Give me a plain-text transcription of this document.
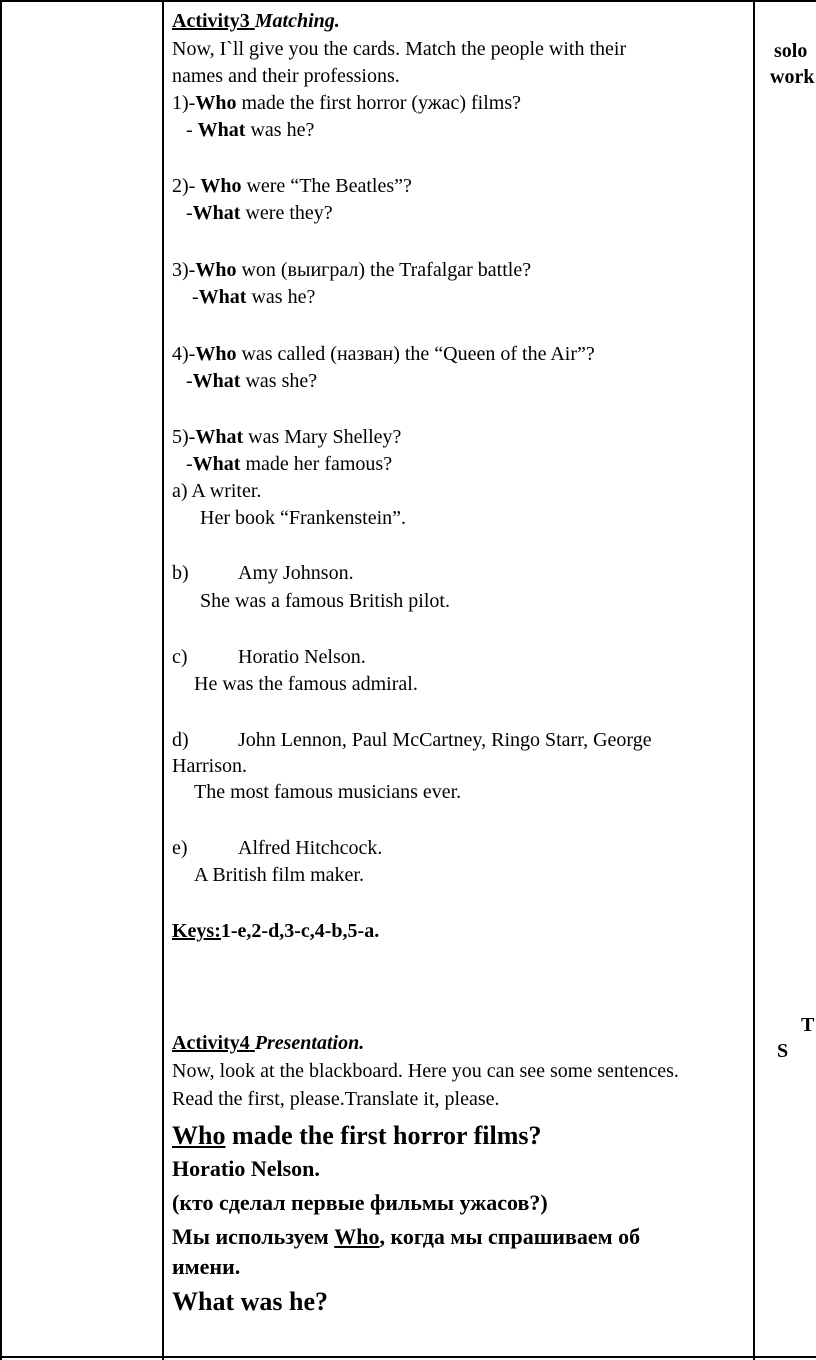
Activity3 Matching.
Now, I`ll give you the cards. Match the people with their
names and their professions.
1)-Who made the first horror (ужас) films?
- What was he?
2)- Who were “The Beatles”?
-What were they?
3)-Who won (выиграл) the Trafalgar battle?
-What was he?
4)-Who was called (назван) the “Queen of the Air”?
-What was she?
5)-What was Mary Shelley?
-What made her famous?
a) A writer.
Her book “Frankenstein”.
b) Amy Johnson.
She was a famous British pilot.
c)	Horatio Nelson.
He was the famous admiral.
d) John Lennon, Paul McCartney, Ringo Starr, George
Harrison.
The most famous musicians ever.
e)	Alfred Hitchcock.
A British film maker.
Keys:1-e,2-d,3-c,4-b,5-a.
Activity4 Presentation.
Now, look at the blackboard. Here you can see some sentences.
Read the first, please.Translate it, please.
Who made the first horror films?
Horatio Nelson.
(кто сделал первые фильмы ужасов?)
Мы используем Who, когда мы спрашиваем об
имени.
What was he?
solo
work
T
S
